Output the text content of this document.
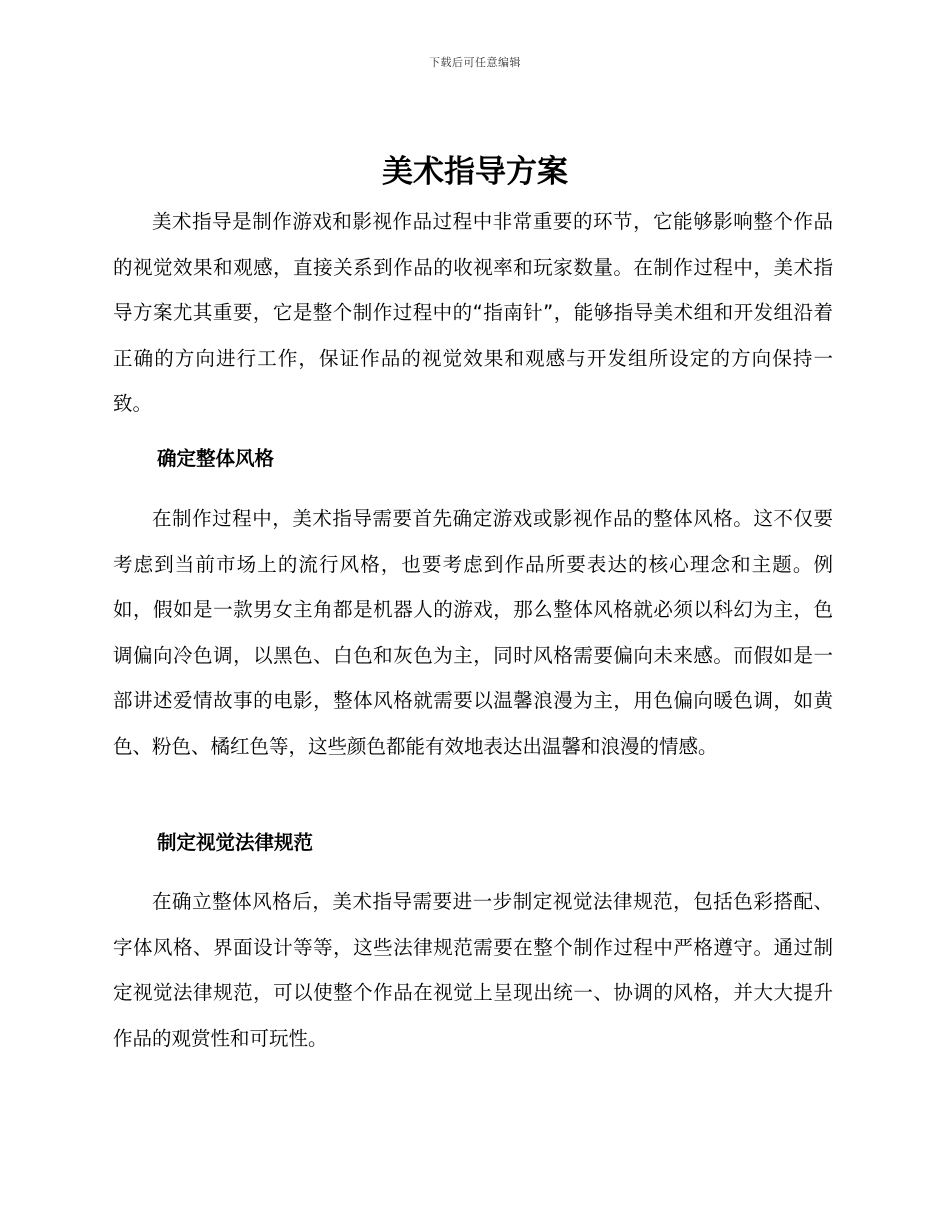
下载后可任意编辑
美术指导方案

美术指导是制作游戏和影视作品过程中非常重要的环节，它能够影响整个作品的视觉效果和观感，直接关系到作品的收视率和玩家数量。在制作过程中，美术指导方案尤其重要，它是整个制作过程中的“指南针”，能够指导美术组和开发组沿着正确的方向进行工作，保证作品的视觉效果和观感与开发组所设定的方向保持一致。

确定整体风格

在制作过程中，美术指导需要首先确定游戏或影视作品的整体风格。这不仅要考虑到当前市场上的流行风格，也要考虑到作品所要表达的核心理念和主题。例如，假如是一款男女主角都是机器人的游戏，那么整体风格就必须以科幻为主，色调偏向冷色调，以黑色、白色和灰色为主，同时风格需要偏向未来感。而假如是一部讲述爱情故事的电影，整体风格就需要以温馨浪漫为主，用色偏向暖色调，如黄色、粉色、橘红色等，这些颜色都能有效地表达出温馨和浪漫的情感。

制定视觉法律规范

在确立整体风格后，美术指导需要进一步制定视觉法律规范，包括色彩搭配、字体风格、界面设计等等，这些法律规范需要在整个制作过程中严格遵守。通过制定视觉法律规范，可以使整个作品在视觉上呈现出统一、协调的风格，并大大提升作品的观赏性和可玩性。
